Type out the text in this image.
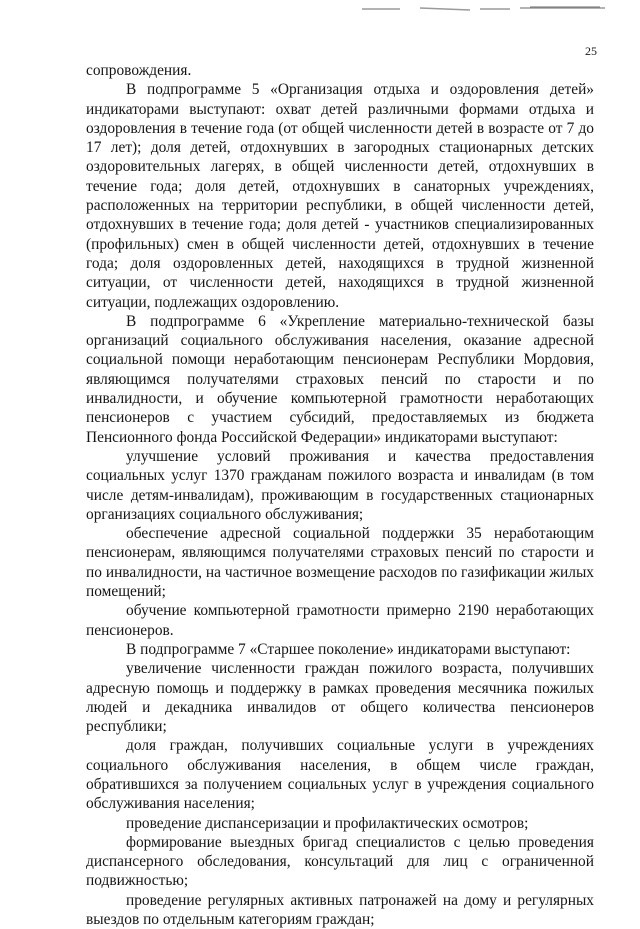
25

сопровождения.

В подпрограмме 5 «Организация отдыха и оздоровления детей» индикаторами выступают: охват детей различными формами отдыха и оздоровления в течение года (от общей численности детей в возрасте от 7 до 17 лет); доля детей, отдохнувших в загородных стационарных детских оздоровительных лагерях, в общей численности детей, отдохнувших в течение года; доля детей, отдохнувших в санаторных учреждениях, расположенных на территории республики, в общей численности детей, отдохнувших в течение года; доля детей - участников специализированных (профильных) смен в общей численности детей, отдохнувших в течение года; доля оздоровленных детей, находящихся в трудной жизненной ситуации, от численности детей, находящихся в трудной жизненной ситуации, подлежащих оздоровлению.

В подпрограмме 6 «Укрепление материально-технической базы организаций социального обслуживания населения, оказание адресной социальной помощи неработающим пенсионерам Республики Мордовия, являющимся получателями страховых пенсий по старости и по инвалидности, и обучение компьютерной грамотности неработающих пенсионеров с участием субсидий, предоставляемых из бюджета Пенсионного фонда Российской Федерации» индикаторами выступают:

улучшение условий проживания и качества предоставления социальных услуг 1370 гражданам пожилого возраста и инвалидам (в том числе детям-инвалидам), проживающим в государственных стационарных организациях социального обслуживания;

обеспечение адресной социальной поддержки 35 неработающим пенсионерам, являющимся получателями страховых пенсий по старости и по инвалидности, на частичное возмещение расходов по газификации жилых помещений;

обучение компьютерной грамотности примерно 2190 неработающих пенсионеров.

В подпрограмме 7 «Старшее поколение» индикаторами выступают:

увеличение численности граждан пожилого возраста, получивших адресную помощь и поддержку в рамках проведения месячника пожилых людей и декадника инвалидов от общего количества пенсионеров республики;

доля граждан, получивших социальные услуги в учреждениях социального обслуживания населения, в общем числе граждан, обратившихся за получением социальных услуг в учреждения социального обслуживания населения;

проведение диспансеризации и профилактических осмотров;

формирование выездных бригад специалистов с целью проведения диспансерного обследования, консультаций для лиц с ограниченной подвижностью;

проведение регулярных активных патронажей на дому и регулярных выездов по отдельным категориям граждан;
